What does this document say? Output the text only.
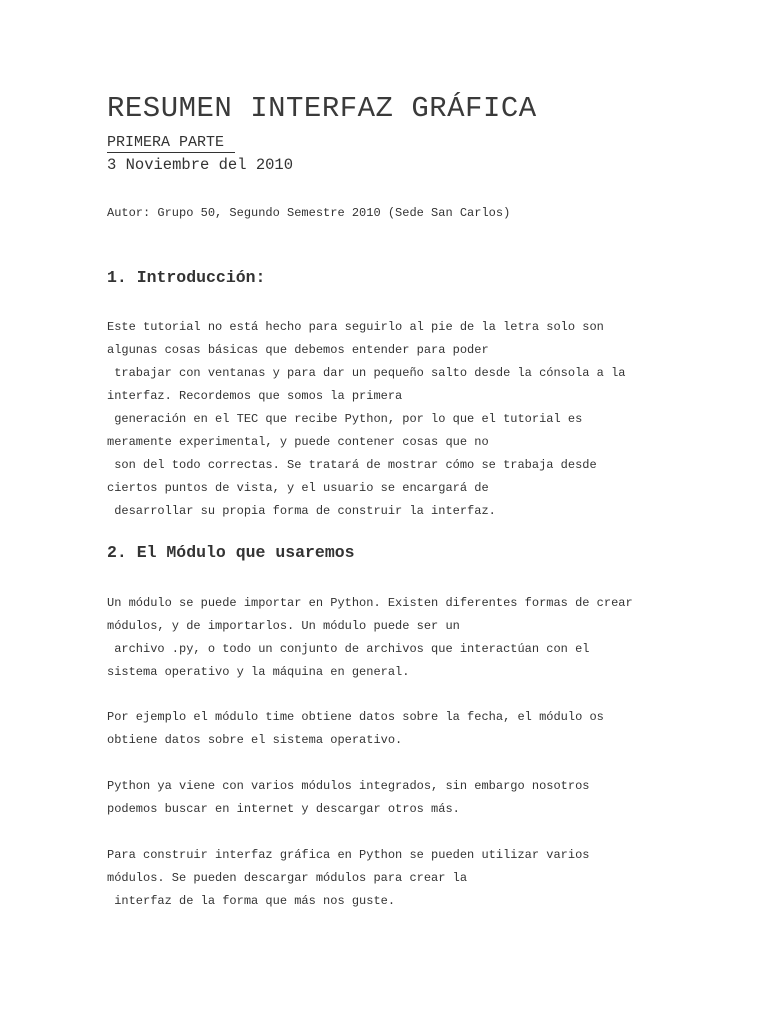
RESUMEN INTERFAZ GRÁFICA
PRIMERA PARTE
3 Noviembre del 2010
Autor: Grupo 50, Segundo Semestre 2010 (Sede San Carlos)
1. Introducción:
Este tutorial no está hecho para seguirlo al pie de la letra solo son
algunas cosas básicas que debemos entender para poder
trabajar con ventanas y para dar un pequeño salto desde la cónsola a la
interfaz. Recordemos que somos la primera
generación en el TEC que recibe Python, por lo que el tutorial es
meramente experimental, y puede contener cosas que no
son del todo correctas. Se tratará de mostrar cómo se trabaja desde
ciertos puntos de vista, y el usuario se encargará de
desarrollar su propia forma de construir la interfaz.
2. El Módulo que usaremos
Un módulo se puede importar en Python. Existen diferentes formas de crear
módulos, y de importarlos. Un módulo puede ser un
archivo .py, o todo un conjunto de archivos que interactúan con el
sistema operativo y la máquina en general.
Por ejemplo el módulo time obtiene datos sobre la fecha, el módulo os
obtiene datos sobre el sistema operativo.
Python ya viene con varios módulos integrados, sin embargo nosotros
podemos buscar en internet y descargar otros más.
Para construir interfaz gráfica en Python se pueden utilizar varios
módulos. Se pueden descargar módulos para crear la
interfaz de la forma que más nos guste.
